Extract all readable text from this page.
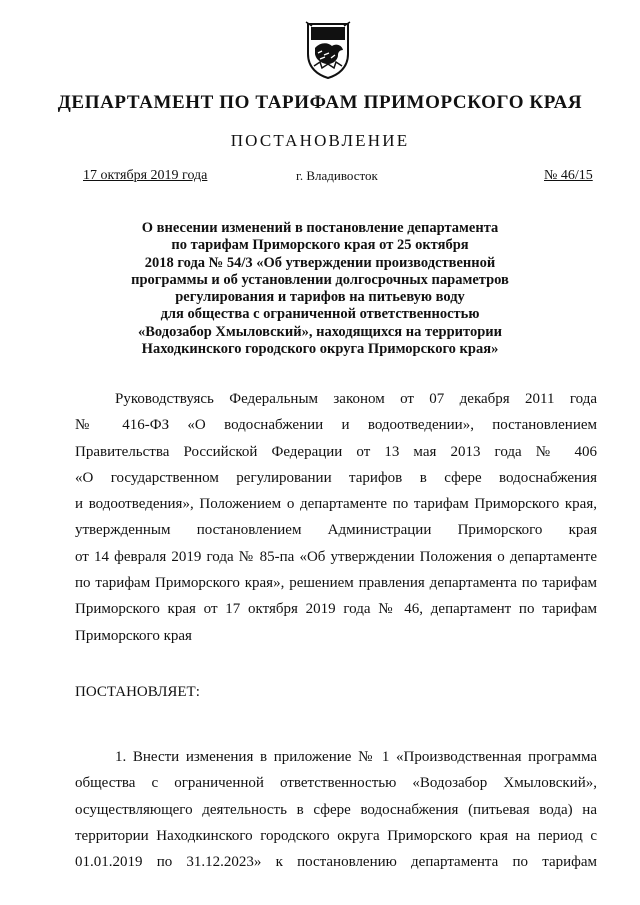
ДЕПАРТАМЕНТ ПО ТАРИФАМ ПРИМОРСКОГО КРАЯ
ПОСТАНОВЛЕНИЕ
17 октября 2019 года	г. Владивосток	№ 46/15
О внесении изменений в постановление департамента
по тарифам Приморского края от 25 октября
2018 года № 54/3 «Об утверждении производственной
программы и об установлении долгосрочных параметров
регулирования и тарифов на питьевую воду
для общества с ограниченной ответственностью
«Водозабор Хмыловский», находящихся на территории
Находкинского городского округа Приморского края»
Руководствуясь Федеральным законом от 07 декабря 2011 года
№ 416-ФЗ «О водоснабжении и водоотведении», постановлением
Правительства Российской Федерации от 13 мая 2013 года № 406
«О государственном регулировании тарифов в сфере водоснабжения
и водоотведения», Положением о департаменте по тарифам Приморского края,
утвержденным постановлением Администрации Приморского края
от 14 февраля 2019 года № 85-па «Об утверждении Положения о департаменте
по тарифам Приморского края», решением правления департамента по тарифам
Приморского края от 17 октября 2019 года № 46, департамент по тарифам
Приморского края
ПОСТАНОВЛЯЕТ:
1. Внести изменения в приложение № 1 «Производственная программа
общества с ограниченной ответственностью «Водозабор Хмыловский»,
осуществляющего деятельность в сфере водоснабжения (питьевая вода) на
территории Находкинского городского округа Приморского края на период с
01.01.2019 по 31.12.2023» к постановлению департамента по тарифам
